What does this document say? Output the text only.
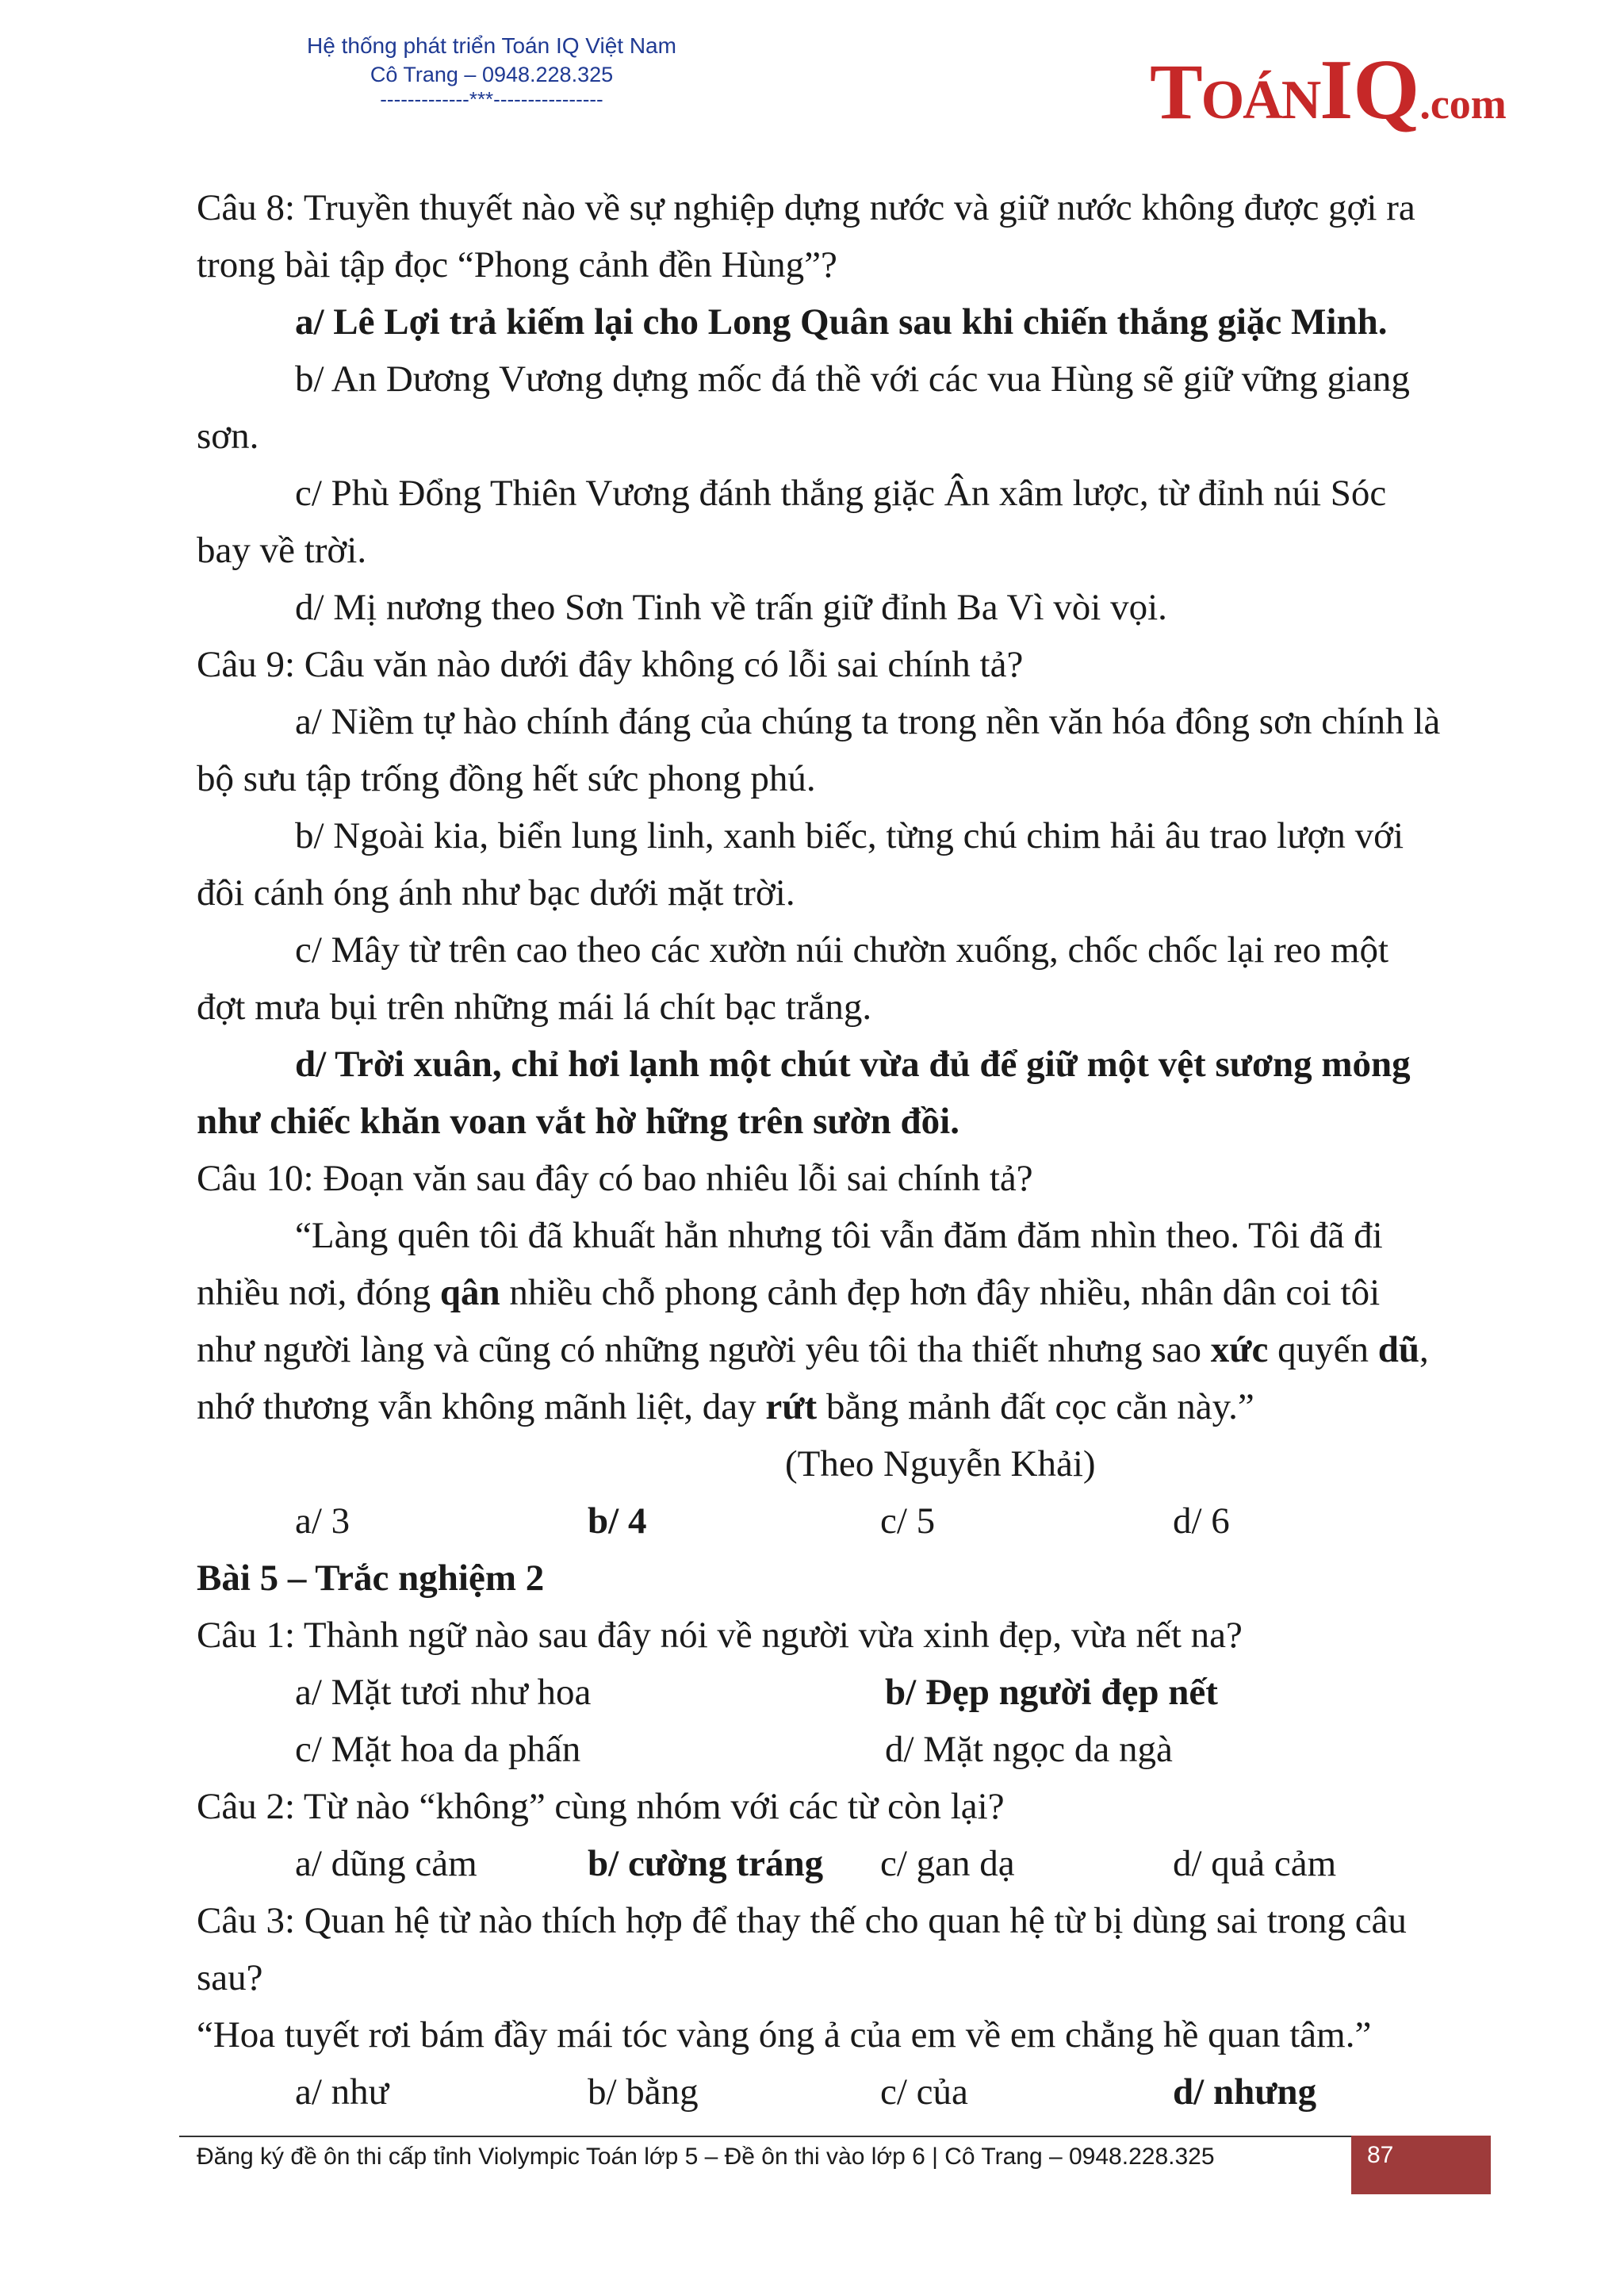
Hệ thống phát triển Toán IQ Việt Nam
Cô Trang – 0948.228.325
-------------***----------------	TOÁNIQ.com
Câu 8: Truyền thuyết nào về sự nghiệp dựng nước và giữ nước không được gợi ra
trong bài tập đọc “Phong cảnh đền Hùng”?
a/ Lê Lợi trả kiếm lại cho Long Quân sau khi chiến thắng giặc Minh.
b/ An Dương Vương dựng mốc đá thề với các vua Hùng sẽ giữ vững giang
sơn.
c/ Phù Đổng Thiên Vương đánh thắng giặc Ân xâm lược, từ đỉnh núi Sóc
bay về trời.
d/ Mị nương theo Sơn Tinh về trấn giữ đỉnh Ba Vì vòi vọi.
Câu 9: Câu văn nào dưới đây không có lỗi sai chính tả?
a/ Niềm tự hào chính đáng của chúng ta trong nền văn hóa đông sơn chính là
bộ sưu tập trống đồng hết sức phong phú.
b/ Ngoài kia, biển lung linh, xanh biếc, từng chú chim hải âu trao lượn với
đôi cánh óng ánh như bạc dưới mặt trời.
c/ Mây từ trên cao theo các xườn núi chườn xuống, chốc chốc lại reo một
đợt mưa bụi trên những mái lá chít bạc trắng.
d/ Trời xuân, chỉ hơi lạnh một chút vừa đủ để giữ một vệt sương mỏng
như chiếc khăn voan vắt hờ hững trên sườn đồi.
Câu 10: Đoạn văn sau đây có bao nhiêu lỗi sai chính tả?
“Làng quên tôi đã khuất hẳn nhưng tôi vẫn đăm đăm nhìn theo. Tôi đã đi
nhiều nơi, đóng qân nhiều chỗ phong cảnh đẹp hơn đây nhiều, nhân dân coi tôi
như người làng và cũng có những người yêu tôi tha thiết nhưng sao xức quyến dũ,
nhớ thương vẫn không mãnh liệt, day rứt bằng mảnh đất cọc cằn này.”
(Theo Nguyễn Khải)
a/ 3	b/ 4	c/ 5	d/ 6
Bài 5 – Trắc nghiệm 2
Câu 1: Thành ngữ nào sau đây nói về người vừa xinh đẹp, vừa nết na?
a/ Mặt tươi như hoa	b/ Đẹp người đẹp nết
c/ Mặt hoa da phấn	d/ Mặt ngọc da ngà
Câu 2: Từ nào “không” cùng nhóm với các từ còn lại?
a/ dũng cảm	b/ cường tráng	c/ gan dạ	d/ quả cảm
Câu 3: Quan hệ từ nào thích hợp để thay thế cho quan hệ từ bị dùng sai trong câu
sau?
“Hoa tuyết rơi bám đầy mái tóc vàng óng ả của em về em chẳng hề quan tâm.”
a/ như	b/ bằng	c/ của	d/ nhưng
Đăng ký đề ôn thi cấp tỉnh Violympic Toán lớp 5 – Đề ôn thi vào lớp 6 | Cô Trang – 0948.228.325	87
